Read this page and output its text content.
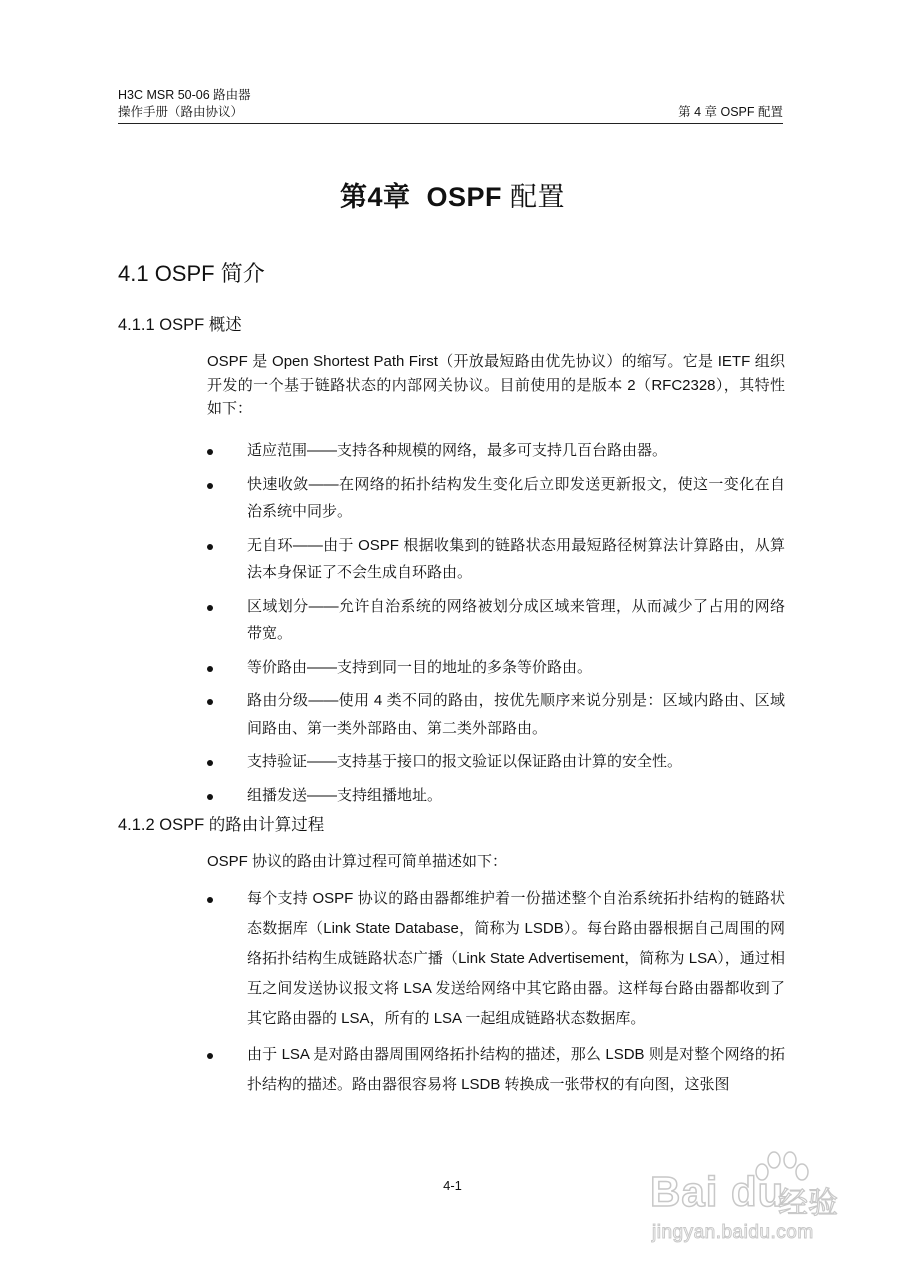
H3C MSR 50-06 路由器
操作手册（路由协议）	第 4 章 OSPF 配置
第4章 OSPF 配置
4.1 OSPF 简介
4.1.1 OSPF 概述
OSPF 是 Open Shortest Path First（开放最短路由优先协议）的缩写。它是 IETF 组织开发的一个基于链路状态的内部网关协议。目前使用的是版本 2（RFC2328），其特性如下：
适应范围——支持各种规模的网络，最多可支持几百台路由器。
快速收敛——在网络的拓扑结构发生变化后立即发送更新报文，使这一变化在自治系统中同步。
无自环——由于 OSPF 根据收集到的链路状态用最短路径树算法计算路由，从算法本身保证了不会生成自环路由。
区域划分——允许自治系统的网络被划分成区域来管理，从而减少了占用的网络带宽。
等价路由——支持到同一目的地址的多条等价路由。
路由分级——使用 4 类不同的路由，按优先顺序来说分别是：区域内路由、区域间路由、第一类外部路由、第二类外部路由。
支持验证——支持基于接口的报文验证以保证路由计算的安全性。
组播发送——支持组播地址。
4.1.2 OSPF 的路由计算过程
OSPF 协议的路由计算过程可简单描述如下：
每个支持 OSPF 协议的路由器都维护着一份描述整个自治系统拓扑结构的链路状态数据库（Link State Database，简称为 LSDB）。每台路由器根据自己周围的网络拓扑结构生成链路状态广播（Link State Advertisement，简称为 LSA），通过相互之间发送协议报文将 LSA 发送给网络中其它路由器。这样每台路由器都收到了其它路由器的 LSA，所有的 LSA 一起组成链路状态数据库。
由于 LSA 是对路由器周围网络拓扑结构的描述，那么 LSDB 则是对整个网络的拓扑结构的描述。路由器很容易将 LSDB 转换成一张带权的有向图，这张图
4-1	Bai du
经验
jingyan.baidu.com
